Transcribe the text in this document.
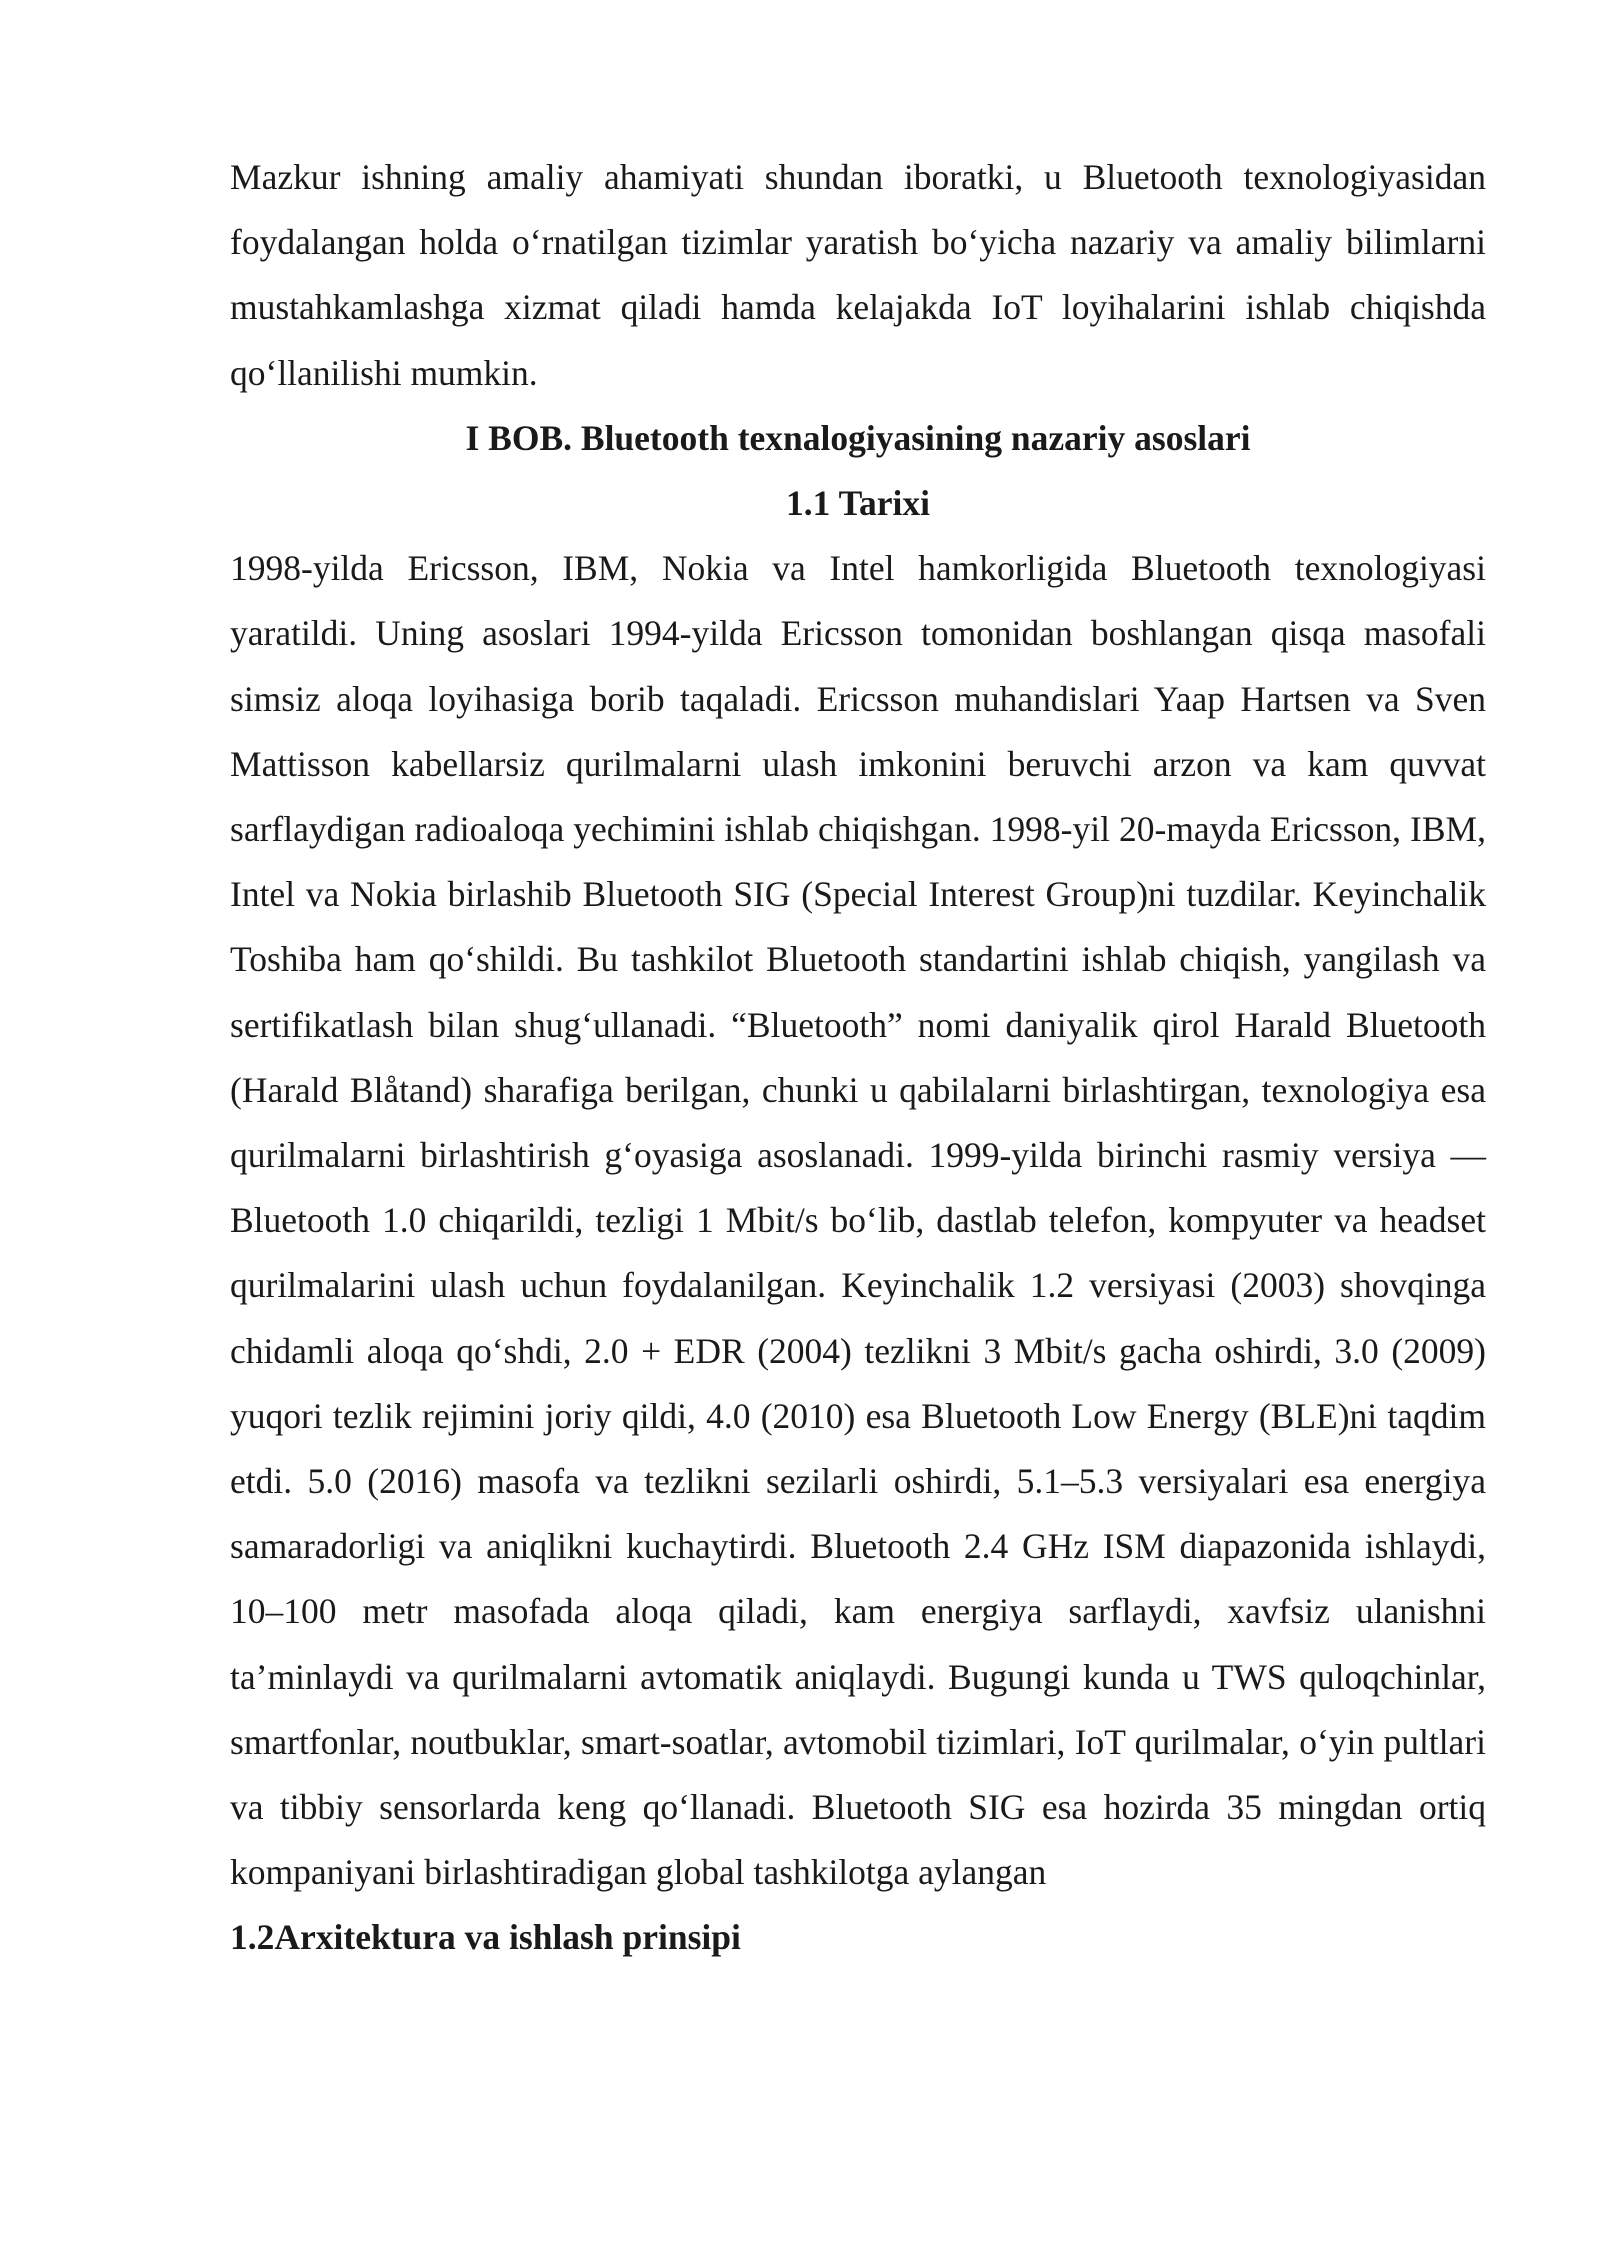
Mazkur ishning amaliy ahamiyati shundan iboratki, u Bluetooth texnologiyasidan foydalangan holda o‘rnatilgan tizimlar yaratish bo‘yicha nazariy va amaliy bilimlarni mustahkamlashga xizmat qiladi hamda kelajakda IoT loyihalarini ishlab chiqishda qo‘llanilishi mumkin.

I BOB. Bluetooth texnalogiyasining nazariy asoslari
1.1 Tarixi

1998-yilda Ericsson, IBM, Nokia va Intel hamkorligida Bluetooth texnologiyasi yaratildi. Uning asoslari 1994-yilda Ericsson tomonidan boshlangan qisqa masofali simsiz aloqa loyihasiga borib taqaladi. Ericsson muhandislari Yaap Hartsen va Sven Mattisson kabellarsiz qurilmalarni ulash imkonini beruvchi arzon va kam quvvat sarflaydigan radioaloqa yechimini ishlab chiqishgan. 1998-yil 20-mayda Ericsson, IBM, Intel va Nokia birlashib Bluetooth SIG (Special Interest Group)ni tuzdilar. Keyinchalik Toshiba ham qo‘shildi. Bu tashkilot Bluetooth standartini ishlab chiqish, yangilash va sertifikatlash bilan shug‘ullanadi. “Bluetooth” nomi daniyalik qirol Harald Bluetooth (Harald Blåtand) sharafiga berilgan, chunki u qabilalarni birlashtirgan, texnologiya esa qurilmalarni birlashtirish g‘oyasiga asoslanadi. 1999-yilda birinchi rasmiy versiya — Bluetooth 1.0 chiqarildi, tezligi 1 Mbit/s bo‘lib, dastlab telefon, kompyuter va headset qurilmalarini ulash uchun foydalanilgan. Keyinchalik 1.2 versiyasi (2003) shovqinga chidamli aloqa qo‘shdi, 2.0 + EDR (2004) tezlikni 3 Mbit/s gacha oshirdi, 3.0 (2009) yuqori tezlik rejimini joriy qildi, 4.0 (2010) esa Bluetooth Low Energy (BLE)ni taqdim etdi. 5.0 (2016) masofa va tezlikni sezilarli oshirdi, 5.1–5.3 versiyalari esa energiya samaradorligi va aniqlikni kuchaytirdi. Bluetooth 2.4 GHz ISM diapazonida ishlaydi, 10–100 metr masofada aloqa qiladi, kam energiya sarflaydi, xavfsiz ulanishni ta’minlaydi va qurilmalarni avtomatik aniqlaydi. Bugungi kunda u TWS quloqchinlar, smartfonlar, noutbuklar, smart-soatlar, avtomobil tizimlari, IoT qurilmalar, o‘yin pultlari va tibbiy sensorlarda keng qo‘llanadi. Bluetooth SIG esa hozirda 35 mingdan ortiq kompaniyani birlashtiradigan global tashkilotga aylangan

1.2Arxitektura va ishlash prinsipi
